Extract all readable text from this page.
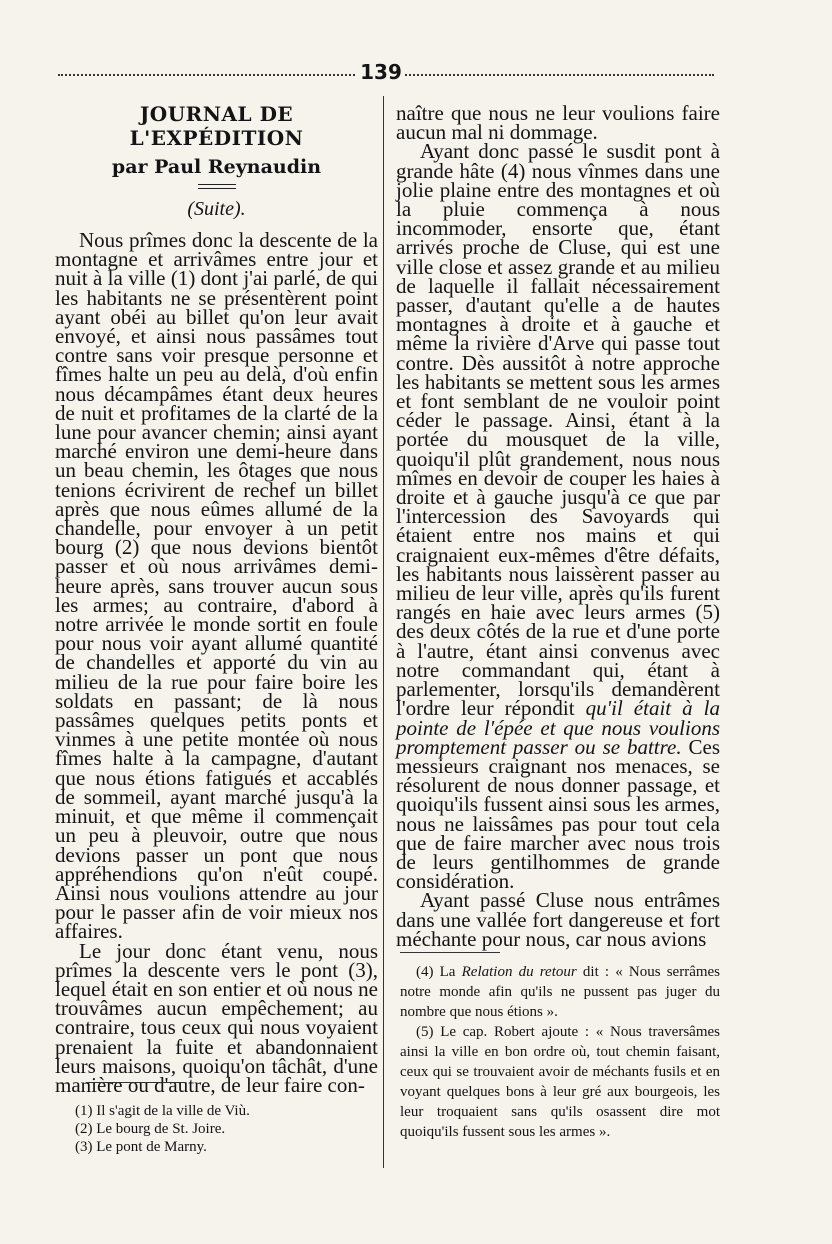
139
JOURNAL DE L'EXPÉDITION
par Paul Reynaudin
(Suite).

Nous prîmes donc la descente de la montagne et arrivâmes entre jour et nuit à la ville (1) dont j'ai parlé, de qui les habitants ne se présentèrent point ayant obéi au billet qu'on leur avait envoyé, et ainsi nous passâmes tout contre sans voir presque personne et fîmes halte un peu au delà, d'où enfin nous décampâmes étant deux heures de nuit et profitames de la clarté de la lune pour avancer chemin; ainsi ayant marché environ une demi-heure dans un beau chemin, les ôtages que nous tenions écrivirent de rechef un billet après que nous eûmes allumé de la chandelle, pour envoyer à un petit bourg (2) que nous devions bientôt passer et où nous arrivâmes demi-heure après, sans trouver aucun sous les armes; au contraire, d'abord à notre arrivée le monde sortit en foule pour nous voir ayant allumé quantité de chandelles et apporté du vin au milieu de la rue pour faire boire les soldats en passant; de là nous passâmes quelques petits ponts et vinmes à une petite montée où nous fîmes halte à la campagne, d'autant que nous étions fatigués et accablés de sommeil, ayant marché jusqu'à la minuit, et que même il commençait un peu à pleuvoir, outre que nous devions passer un pont que nous appréhendions qu'on n'eût coupé. Ainsi nous voulions attendre au jour pour le passer afin de voir mieux nos affaires.

Le jour donc étant venu, nous prîmes la descente vers le pont (3), lequel était en son entier et où nous ne trouvâmes aucun empêchement; au contraire, tous ceux qui nous voyaient prenaient la fuite et abandonnaient leurs maisons, quoiqu'on tâchât, d'une manière ou d'autre, de leur faire con-

naître que nous ne leur voulions faire aucun mal ni dommage.

Ayant donc passé le susdit pont à grande hâte (4) nous vînmes dans une jolie plaine entre des montagnes et où la pluie commença à nous incommoder, ensorte que, étant arrivés proche de Cluse, qui est une ville close et assez grande et au milieu de laquelle il fallait nécessairement passer, d'autant qu'elle a de hautes montagnes à droite et à gauche et même la rivière d'Arve qui passe tout contre. Dès aussitôt à notre approche les habitants se mettent sous les armes et font semblant de ne vouloir point céder le passage. Ainsi, étant à la portée du mousquet de la ville, quoiqu'il plût grandement, nous nous mîmes en devoir de couper les haies à droite et à gauche jusqu'à ce que par l'intercession des Savoyards qui étaient entre nos mains et qui craignaient eux-mêmes d'être défaits, les habitants nous laissèrent passer au milieu de leur ville, après qu'ils furent rangés en haie avec leurs armes (5) des deux côtés de la rue et d'une porte à l'autre, étant ainsi convenus avec notre commandant qui, étant à parlementer, lorsqu'ils demandèrent l'ordre leur répondit qu'il était à la pointe de l'épée et que nous voulions promptement passer ou se battre. Ces messieurs craignant nos menaces, se résolurent de nous donner passage, et quoiqu'ils fussent ainsi sous les armes, nous ne laissâmes pas pour tout cela que de faire marcher avec nous trois de leurs gentilhommes de grande considération.

Ayant passé Cluse nous entrâmes dans une vallée fort dangereuse et fort méchante pour nous, car nous avions

(1) Il s'agit de la ville de Viù.
(2) Le bourg de St. Joire.
(3) Le pont de Marny.

(4) La Relation du retour dit : « Nous serrâmes notre monde afin qu'ils ne pussent pas juger du nombre que nous étions ».

(5) Le cap. Robert ajoute : « Nous traversâmes ainsi la ville en bon ordre où, tout chemin faisant, ceux qui se trouvaient avoir de méchants fusils et en voyant quelques bons à leur gré aux bourgeois, les leur troquaient sans qu'ils osassent dire mot quoiqu'ils fussent sous les armes ».
